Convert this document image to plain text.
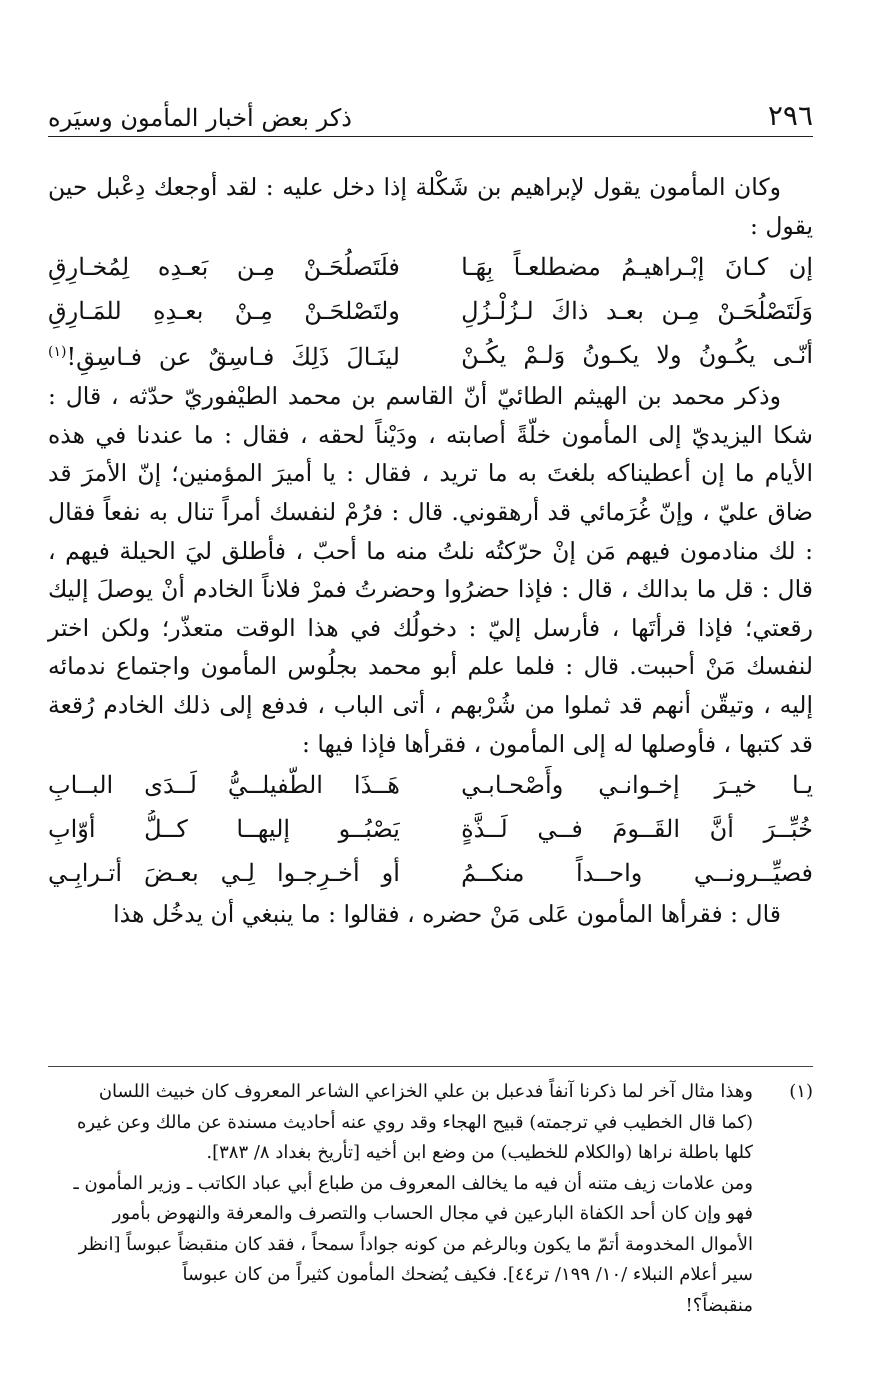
٢٩٦
ذكر بعض أخبار المأمون وسيَره

وكان المأمون يقول لإبراهيم بن شَكْلة إذا دخل عليه : لقد أوجعك دِعْبل حين يقول :

إن كـانَ إبْـراهيـمُ مضطلعـاً بِهَـا
فلَتَصلُحَـنْ مِـن بَعـدِه لِمُخـارِقِ
وَلَتَصْلُحَـنْ مِـن بعـد ذاكَ لـزُلْـزُلِ
ولتَصْلحَـنْ مِـنْ بعـدِهِ للمَـارِقِ
أنّـى يكُـونُ ولا يكـونُ وَلـمْ يكُـنْ
لينَـالَ ذَلِكَ فـاسِقٌ عن فـاسِقِ!$^{(١)}$

وذكر محمد بن الهيثم الطائيّ أنّ القاسم بن محمد الطيْفوريّ حدّثه ، قال : شكا اليزيديّ إلى المأمون خلّةً أصابته ، ودَيْناً لحقه ، فقال : ما عندنا في هذه الأيام ما إن أعطيناكه بلغتَ به ما تريد ، فقال : يا أميرَ المؤمنين؛ إنّ الأمرَ قد ضاق عليّ ، وإنّ غُرَمائي قد أرهقوني. قال : فرُمْ لنفسك أمراً تنال به نفعاً فقال : لك منادمون فيهم مَن إنْ حرّكتُه نلتُ منه ما أحبّ ، فأطلق ليَ الحيلة فيهم ، قال : قل ما بدالك ، قال : فإذا حضرُوا وحضرتُ فمرْ فلاناً الخادم أنْ يوصلَ إليك رقعتي؛ فإذا قرأتَها ، فأرسل إليّ : دخولُك في هذا الوقت متعذّر؛ ولكن اختر لنفسك مَنْ أحببت. قال : فلما علم أبو محمد بجلُوس المأمون واجتماع ندمائه إليه ، وتيقّن أنهم قد ثملوا من شُرْبهم ، أتى الباب ، فدفع إلى ذلك الخادم رُقعة قد كتبها ، فأوصلها له إلى المأمون ، فقرأها فإذا فيها :

يـا خيـرَ إخـوانـي وأَصْحـابـي
هَــذَا الطّفيلــيُّ لَــدَى البــابِ
خُبِّــرَ أنَّ القَــومَ فــي لَــذَّةٍ
يَصْبُــو إليهــا كــلُّ أوّابِ
فصيِّــرونــي واحــداً منكــمُ
أو أخـرِجـوا لِـي بعـضَ أتـرابِـي

قال : فقرأها المأمون عَلى مَنْ حضره ، فقالوا : ما ينبغي أن يدخُل هذا

(١)

وهذا مثال آخر لما ذكرنا آنفاً فدعبل بن علي الخزاعي الشاعر المعروف كان خبيث اللسان

(كما قال الخطيب في ترجمته) قبيح الهجاء وقد روي عنه أحاديث مسندة عن مالك وعن غيره

كلها باطلة نراها (والكلام للخطيب) من وضع ابن أخيه [تأريخ بغداد ٨/ ٣٨٣].

ومن علامات زيف متنه أن فيه ما يخالف المعروف من طباع أبي عباد الكاتب ـ وزير المأمون ـ

فهو وإن كان أحد الكفاة البارعين في مجال الحساب والتصرف والمعرفة والنهوض بأمور

الأموال المخدومة أتمّ ما يكون وبالرغم من كونه جواداً سمحاً ، فقد كان منقبضاً عبوساً [انظر

سير أعلام النبلاء /١٠/ ١٩٩/ تر٤٤]. فكيف يُضحك المأمون كثيراً من كان عبوساً

منقبضاً؟!
